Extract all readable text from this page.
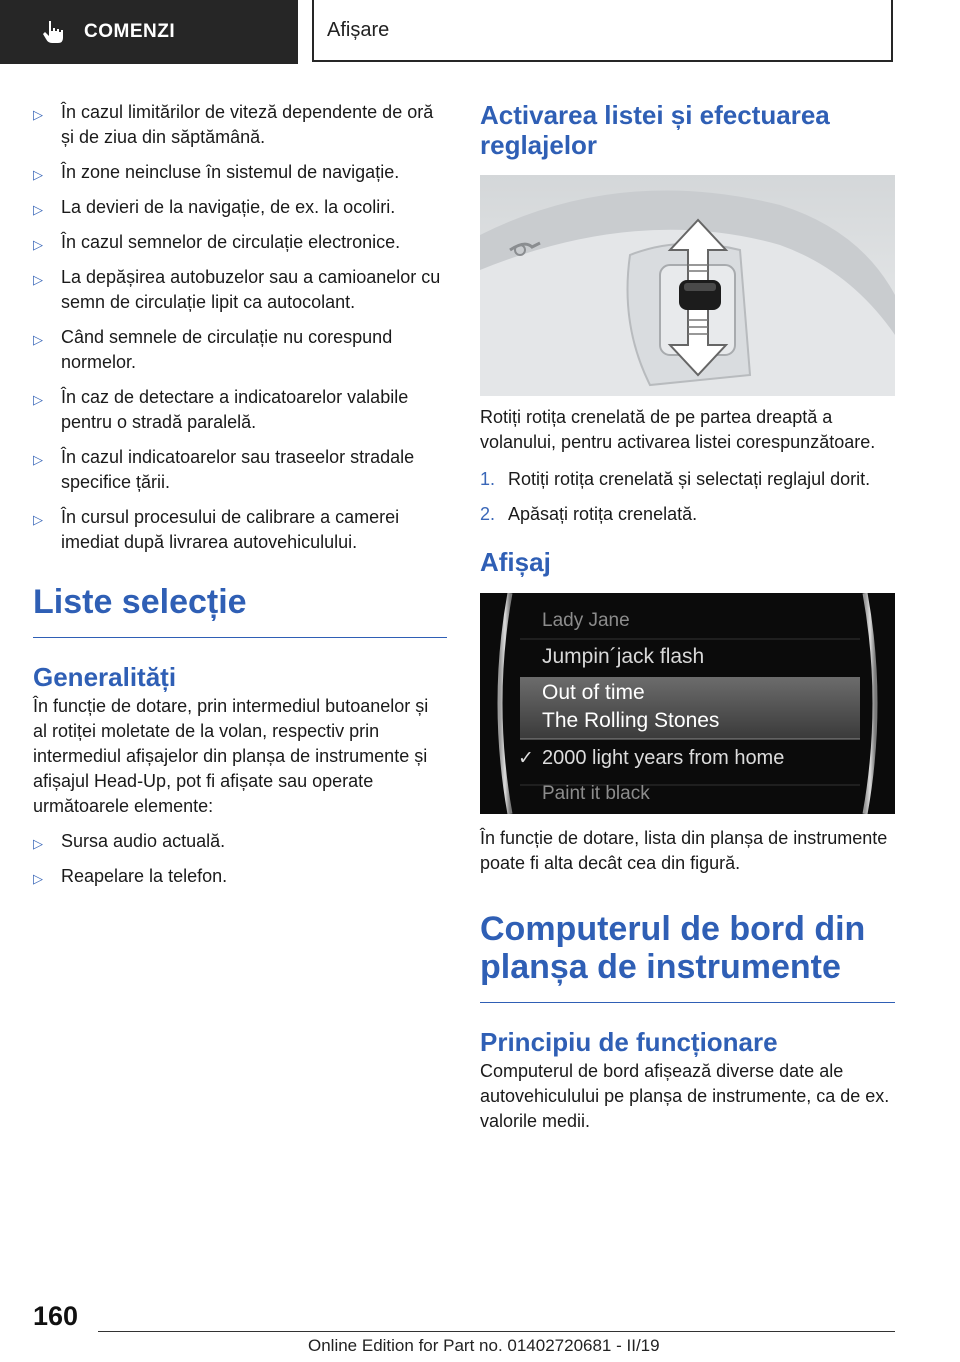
COMENZI	Afișare
▷ În cazul limitărilor de viteză dependente de oră și de ziua din săptămână.
▷ În zone neincluse în sistemul de navigație.
▷ La devieri de la navigație, de ex. la ocoliri.
▷ În cazul semnelor de circulație electronice.
▷ La depășirea autobuzelor sau a camioanelor cu semn de circulație lipit ca autocolant.
▷ Când semnele de circulație nu corespund normelor.
▷ În caz de detectare a indicatoarelor valabile pentru o stradă paralelă.
▷ În cazul indicatoarelor sau traseelor stradale specifice țării.
▷ În cursul procesului de calibrare a camerei imediat după livrarea autovehiculului.
Liste selecție
Generalități

În funcție de dotare, prin intermediul butoanelor și al rotiței moletate de la volan, respectiv prin intermediul afișajelor din planșa de instrumente și afișajul Head-Up, pot fi afișate sau operate următoarele elemente:

▷ Sursa audio actuală.
▷ Reapelare la telefon.
Activarea listei și efectuarea reglajelor

Rotiți rotița crenelată de pe partea dreaptă a volanului, pentru activarea listei corespunzătoare.

1. Rotiți rotița crenelată și selectați reglajul dorit.
2. Apăsați rotița crenelată.
Afișaj
Lady Jane
Jumpin´jack flash
Out of time
The Rolling Stones
✓ 2000 light years from home
Paint it black

În funcție de dotare, lista din planșa de instrumente poate fi alta decât cea din figură.

Computerul de bord din planșa de instrumente
Principiu de funcționare

Computerul de bord afișează diverse date ale autovehiculului pe planșa de instrumente, ca de ex. valorile medii.

160
Online Edition for Part no. 01402720681 - II/19
